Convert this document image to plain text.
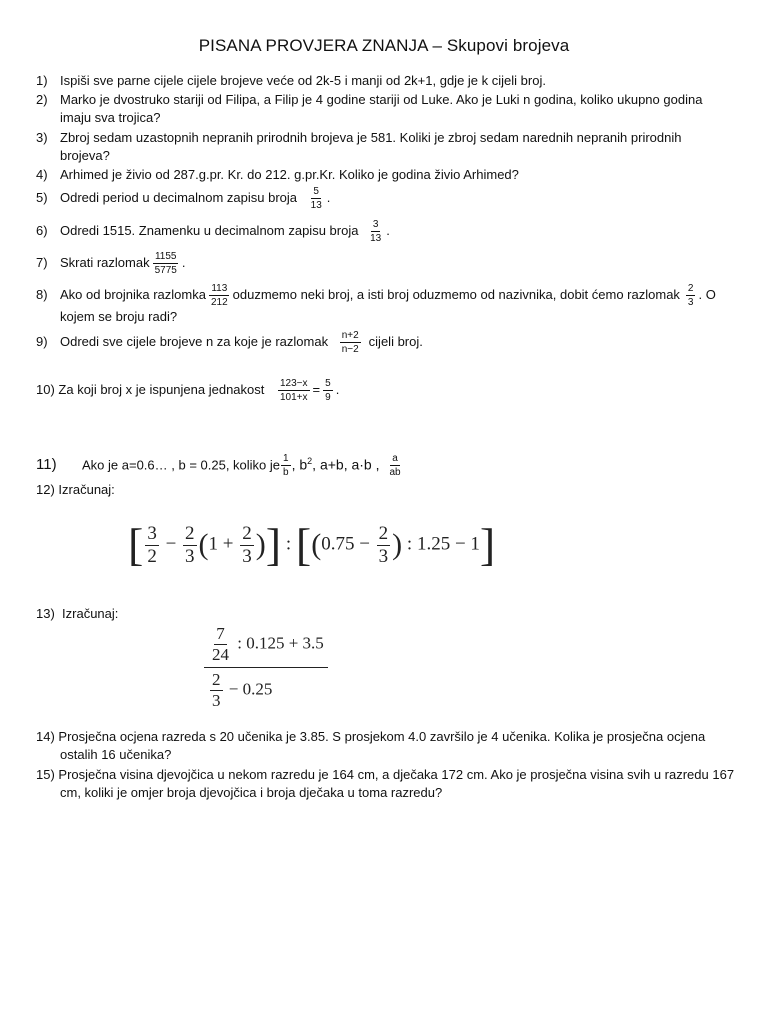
PISANA PROVJERA ZNANJA – Skupovi brojeva
1) Ispiši sve parne cijele cijele brojeve veće od 2k-5 i manji od 2k+1, gdje je k cijeli broj.
2) Marko je dvostruko stariji od Filipa, a Filip je 4 godine stariji od Luke. Ako je Luki n godina, koliko ukupno godina
imaju sva trojica?
3) Zbroj sedam uzastopnih nepranih prirodnih brojeva je 581. Koliki je zbroj sedam narednih nepranih prirodnih
brojeva?
4) Arhimed je živio od 287.g.pr. Kr. do 212. g.pr.Kr. Koliko je godina živio Arhimed?
5) Odredi period u decimalnom zapisu broja $\frac{5}{13}$ .
6) Odredi 1515. Znamenku u decimalnom zapisu broja $\frac{3}{13}$ .
7) Skrati razlomak $\frac{1155}{5775}$ .
8) Ako od brojnika razlomka $\frac{113}{212}$ oduzmemo neki broj, a isti broj oduzmemo od nazivnika, dobit ćemo razlomak $\frac{2}{3}$ . O
kojem se broju radi?
9) Odredi sve cijele brojeve n za koje je razlomak $\frac{n+2}{n-2}$ cijeli broj.
10) Za koji broj x je ispunjena jednakost $\frac{123-x}{101+x} = \frac{5}{9}$ .
11) Ako je a=0.6… , b = 0.25, koliko je $\frac{1}{b}$ , $b^2$, a+b, a·b , $\frac{a}{ab}$
12) Izračunaj:
[ $\frac{3}{2} - \frac{2}{3} (1 + \frac{2}{3}$ )] : [($0.75 - \frac{2}{3}$ ) : 1.25 − 1]
13) Izračunaj:
$\frac{\frac{7}{24} : 0.125 + 3.5}{\frac{2}{3} - 0.25}$
14) Prosječna ocjena razreda s 20 učenika je 3.85. S prosjekom 4.0 završilo je 4 učenika. Kolika je prosječna ocjena
ostalih 16 učenika?
15) Prosječna visina djevojčica u nekom razredu je 164 cm, a dječaka 172 cm. Ako je prosječna visina svih u razredu 167
cm, koliki je omjer broja djevojčica i broja dječaka u toma razredu?
